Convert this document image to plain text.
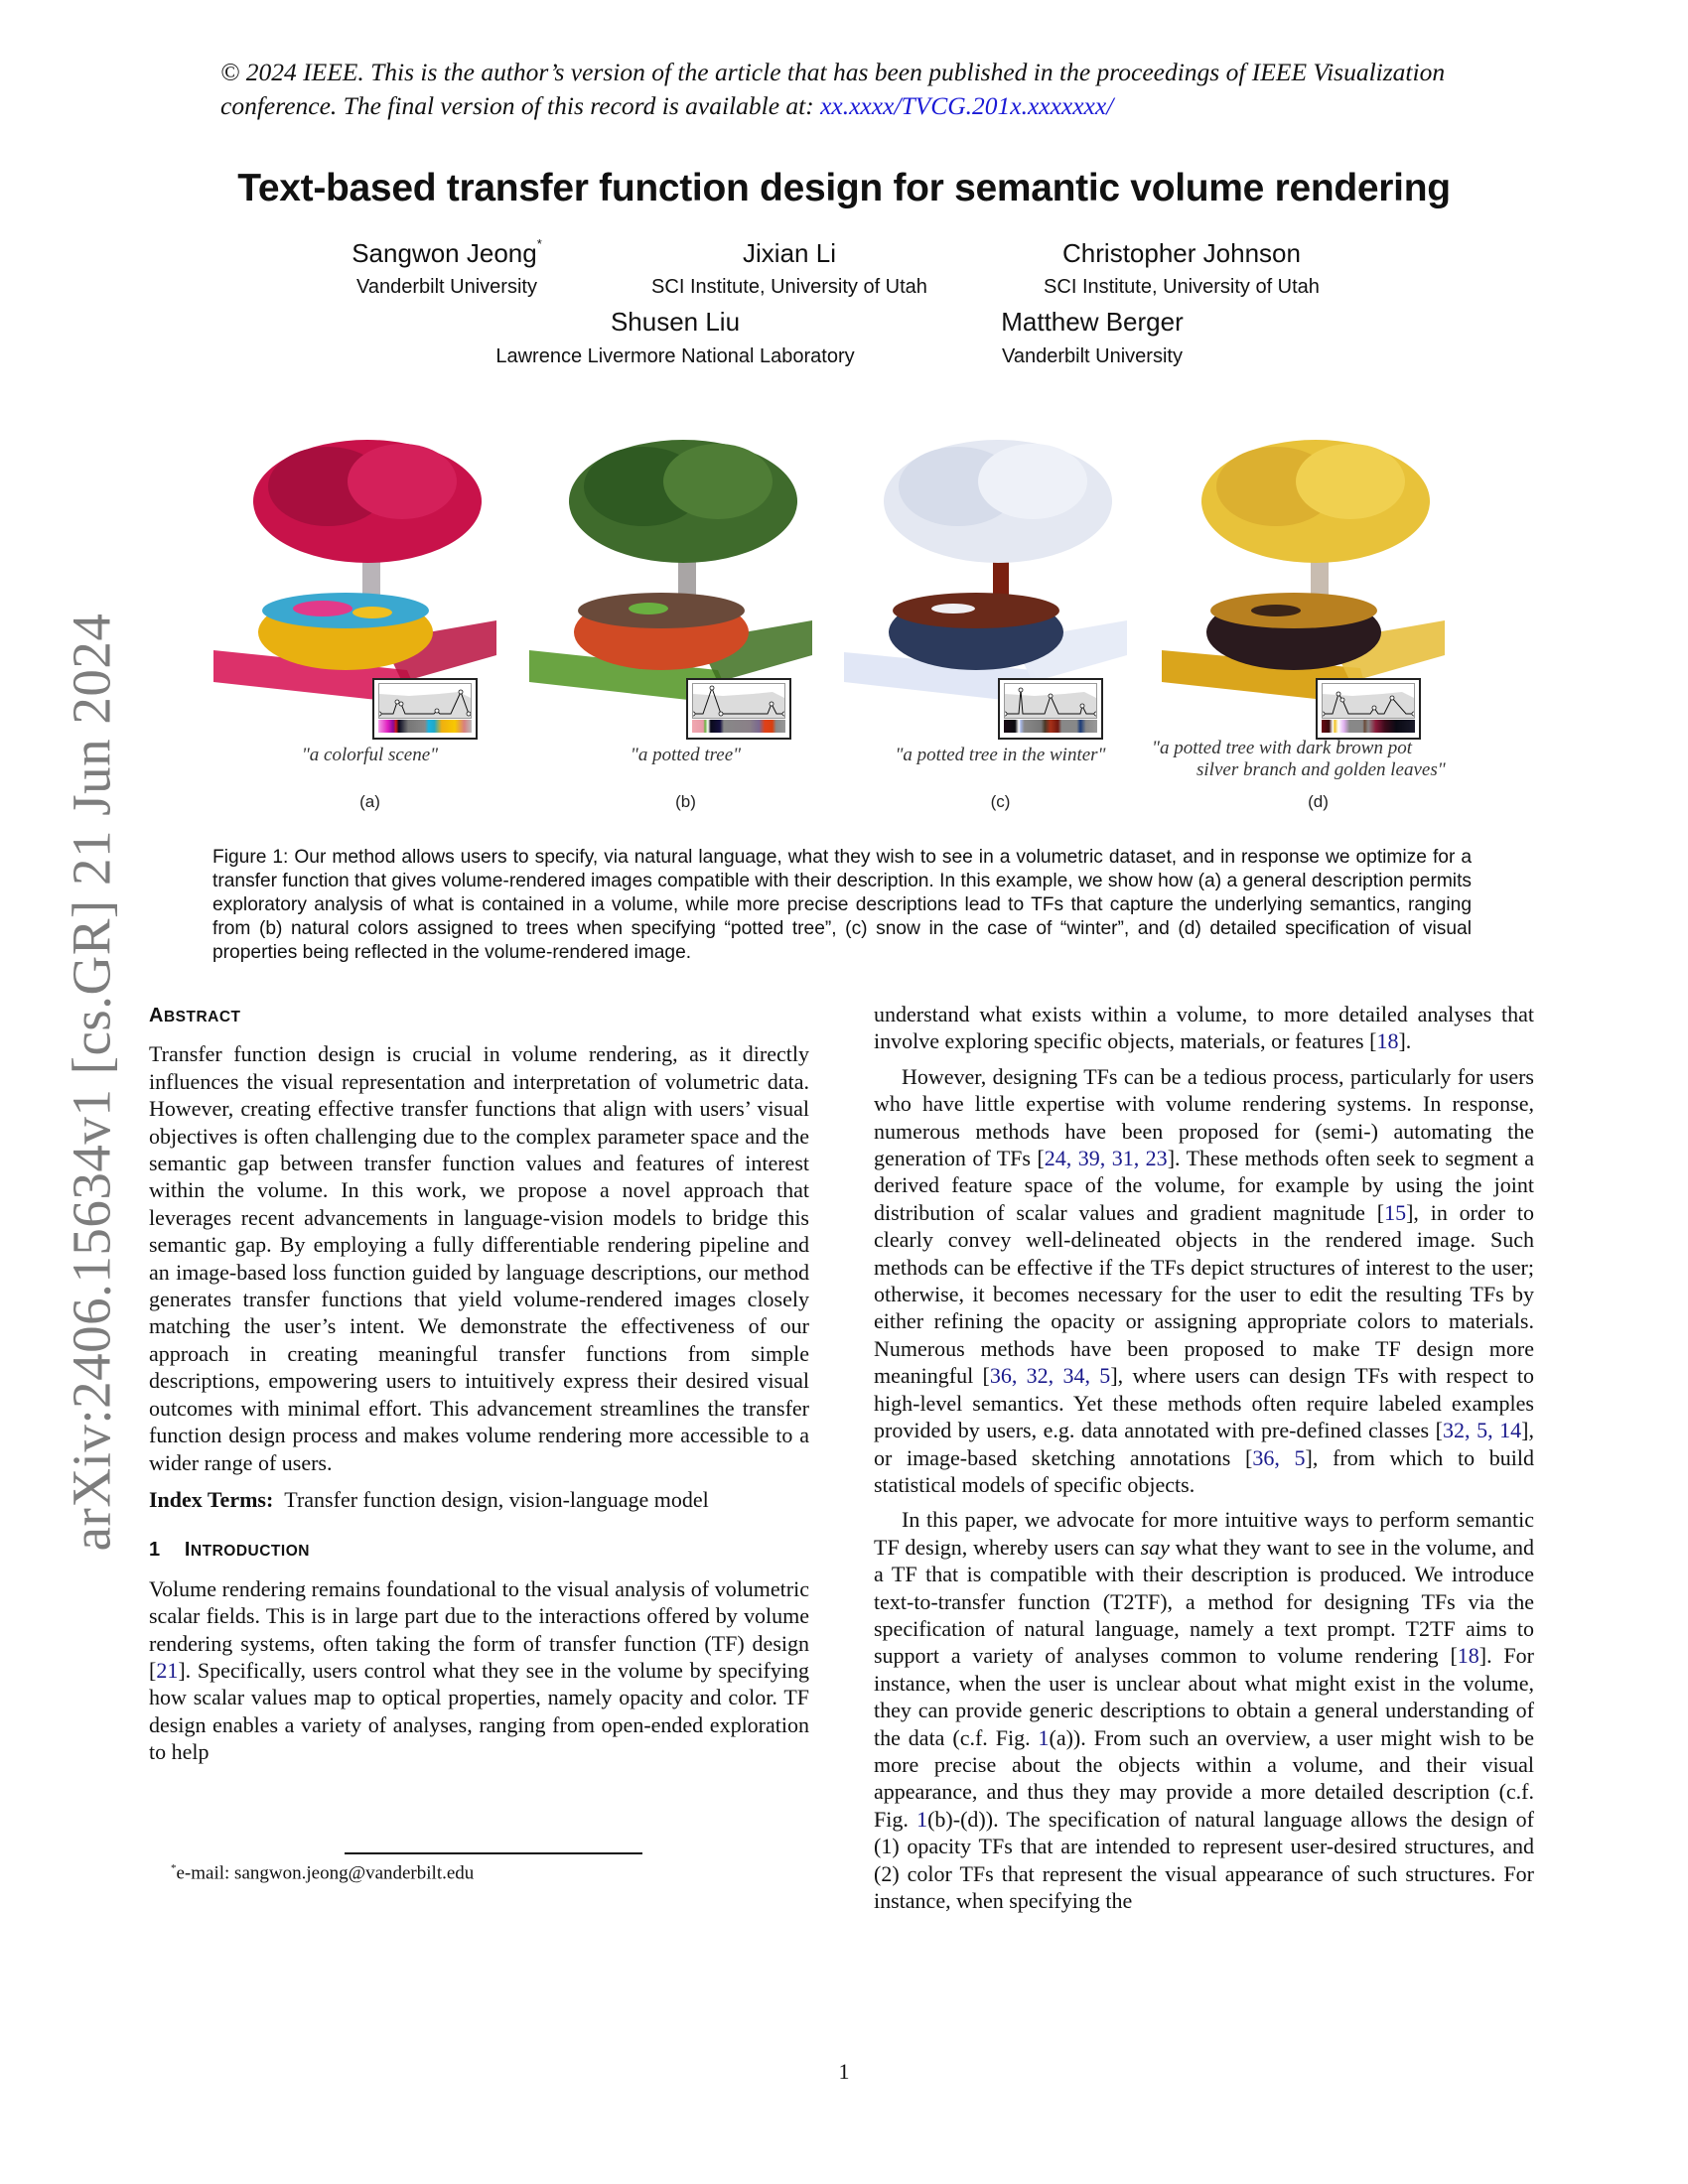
© 2024 IEEE. This is the author’s version of the article that has been published in the proceedings of IEEE Visualization conference. The final version of this record is available at: xx.xxxx/TVCG.201x.xxxxxxx/
Text-based transfer function design for semantic volume rendering
Sangwon Jeong*
Vanderbilt University
Jixian Li
SCI Institute, University of Utah
Christopher Johnson
SCI Institute, University of Utah
Shusen Liu
Lawrence Livermore National Laboratory
Matthew Berger
Vanderbilt University
arXiv:2406.15634v1 [cs.GR] 21 Jun 2024	"a colorful scene"
(a)
"a potted tree"
(b)
"a potted tree in the winter"
(c)
"a potted tree with dark brown pot
silver branch and golden leaves"
(d)
Figure 1: Our method allows users to specify, via natural language, what they wish to see in a volumetric dataset, and in response we optimize for a transfer function that gives volume-rendered images compatible with their description. In this example, we show how (a) a general description permits exploratory analysis of what is contained in a volume, while more precise descriptions lead to TFs that capture the underlying semantics, ranging from (b) natural colors assigned to trees when specifying “potted tree”, (c) snow in the case of “winter”, and (d) detailed specification of visual properties being reflected in the volume-rendered image.
ABSTRACT

Transfer function design is crucial in volume rendering, as it directly influences the visual representation and interpretation of volumetric data. However, creating effective transfer functions that align with users’ visual objectives is often challenging due to the complex parameter space and the semantic gap between transfer function values and features of interest within the volume. In this work, we propose a novel approach that leverages recent advancements in language-vision models to bridge this semantic gap. By employing a fully differentiable rendering pipeline and an image-based loss function guided by language descriptions, our method generates transfer functions that yield volume-rendered images closely matching the user’s intent. We demonstrate the effectiveness of our approach in creating meaningful transfer functions from simple descriptions, empowering users to intuitively express their desired visual outcomes with minimal effort. This advancement streamlines the transfer function design process and makes volume rendering more accessible to a wider range of users.

Index Terms: Transfer function design, vision-language model

1 INTRODUCTION

Volume rendering remains foundational to the visual analysis of volumetric scalar fields. This is in large part due to the interactions offered by volume rendering systems, often taking the form of transfer function (TF) design [21]. Specifically, users control what they see in the volume by specifying how scalar values map to optical properties, namely opacity and color. TF design enables a variety of analyses, ranging from open-ended exploration to help

*e-mail: sangwon.jeong@vanderbilt.edu

understand what exists within a volume, to more detailed analyses that involve exploring specific objects, materials, or features [18].

However, designing TFs can be a tedious process, particularly for users who have little expertise with volume rendering systems. In response, numerous methods have been proposed for (semi-) automating the generation of TFs [24, 39, 31, 23]. These methods often seek to segment a derived feature space of the volume, for example by using the joint distribution of scalar values and gradient magnitude [15], in order to clearly convey well-delineated objects in the rendered image. Such methods can be effective if the TFs depict structures of interest to the user; otherwise, it becomes necessary for the user to edit the resulting TFs by either refining the opacity or assigning appropriate colors to materials. Numerous methods have been proposed to make TF design more meaningful [36, 32, 34, 5], where users can design TFs with respect to high-level semantics. Yet these methods often require labeled examples provided by users, e.g. data annotated with pre-defined classes [32, 5, 14], or image-based sketching annotations [36, 5], from which to build statistical models of specific objects.

In this paper, we advocate for more intuitive ways to perform semantic TF design, whereby users can say what they want to see in the volume, and a TF that is compatible with their description is produced. We introduce text-to-transfer function (T2TF), a method for designing TFs via the specification of natural language, namely a text prompt. T2TF aims to support a variety of analyses common to volume rendering [18]. For instance, when the user is unclear about what might exist in the volume, they can provide generic descriptions to obtain a general understanding of the data (c.f. Fig. 1(a)). From such an overview, a user might wish to be more precise about the objects within a volume, and their visual appearance, and thus they may provide a more detailed description (c.f. Fig. 1(b)-(d)). The specification of natural language allows the design of (1) opacity TFs that are intended to represent user-desired structures, and (2) color TFs that represent the visual appearance of such structures. For instance, when specifying the

1
